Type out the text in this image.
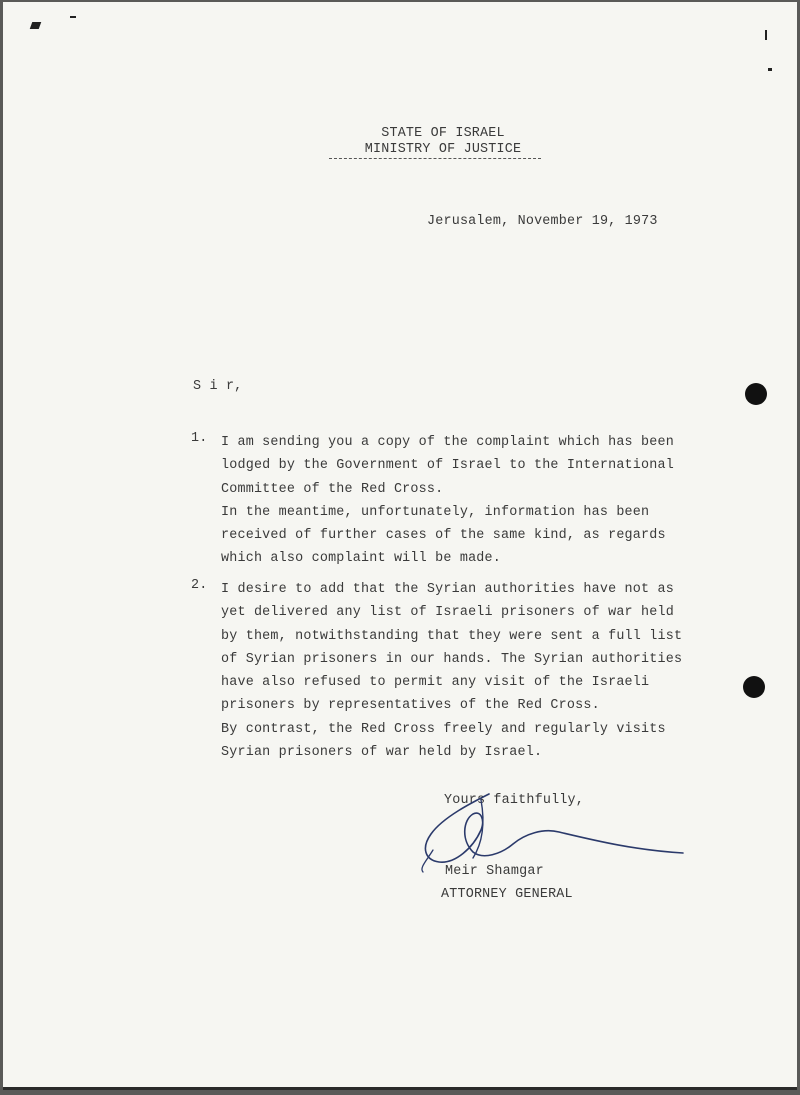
STATE OF ISRAEL
MINISTRY OF JUSTICE
Jerusalem, November 19, 1973
S i r,
1. I am sending you a copy of the complaint which has been
lodged by the Government of Israel to the International
Committee of the Red Cross.
In the meantime, unfortunately, information has been
received of further cases of the same kind, as regards
which also complaint will be made.
2. I desire to add that the Syrian authorities have not as
yet delivered any list of Israeli prisoners of war held
by them, notwithstanding that they were sent a full list
of Syrian prisoners in our hands. The Syrian authorities
have also refused to permit any visit of the Israeli
prisoners by representatives of the Red Cross.
By contrast, the Red Cross freely and regularly visits
Syrian prisoners of war held by Israel.
Yours faithfully,
Meir Shamgar
ATTORNEY GENERAL
